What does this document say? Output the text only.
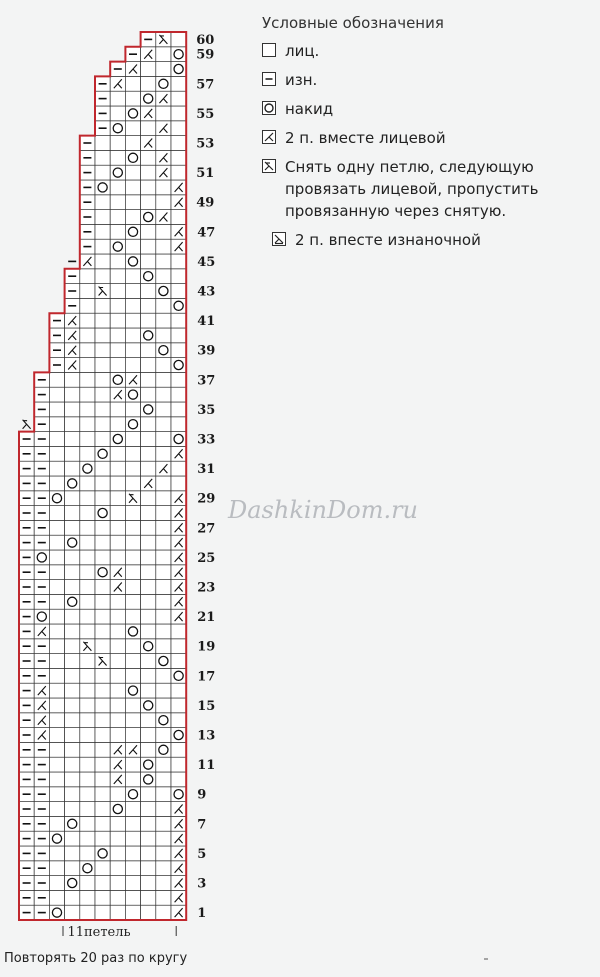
1
3
5
7
9
11
13
15
17
19
21
23
25
27
29
31
33
35
37
39
41
43
45
47
49
51
53
55
57
59
60
11петель
Повторять 20 раз по кругу
DashkinDom.ru
Условные обозначения
лиц.
изн.
накид
2 п. вместе лицевой
Снять одну петлю, следующую провязать лицевой, пропустить провязанную через снятую.
2 п. впесте изнаночной
